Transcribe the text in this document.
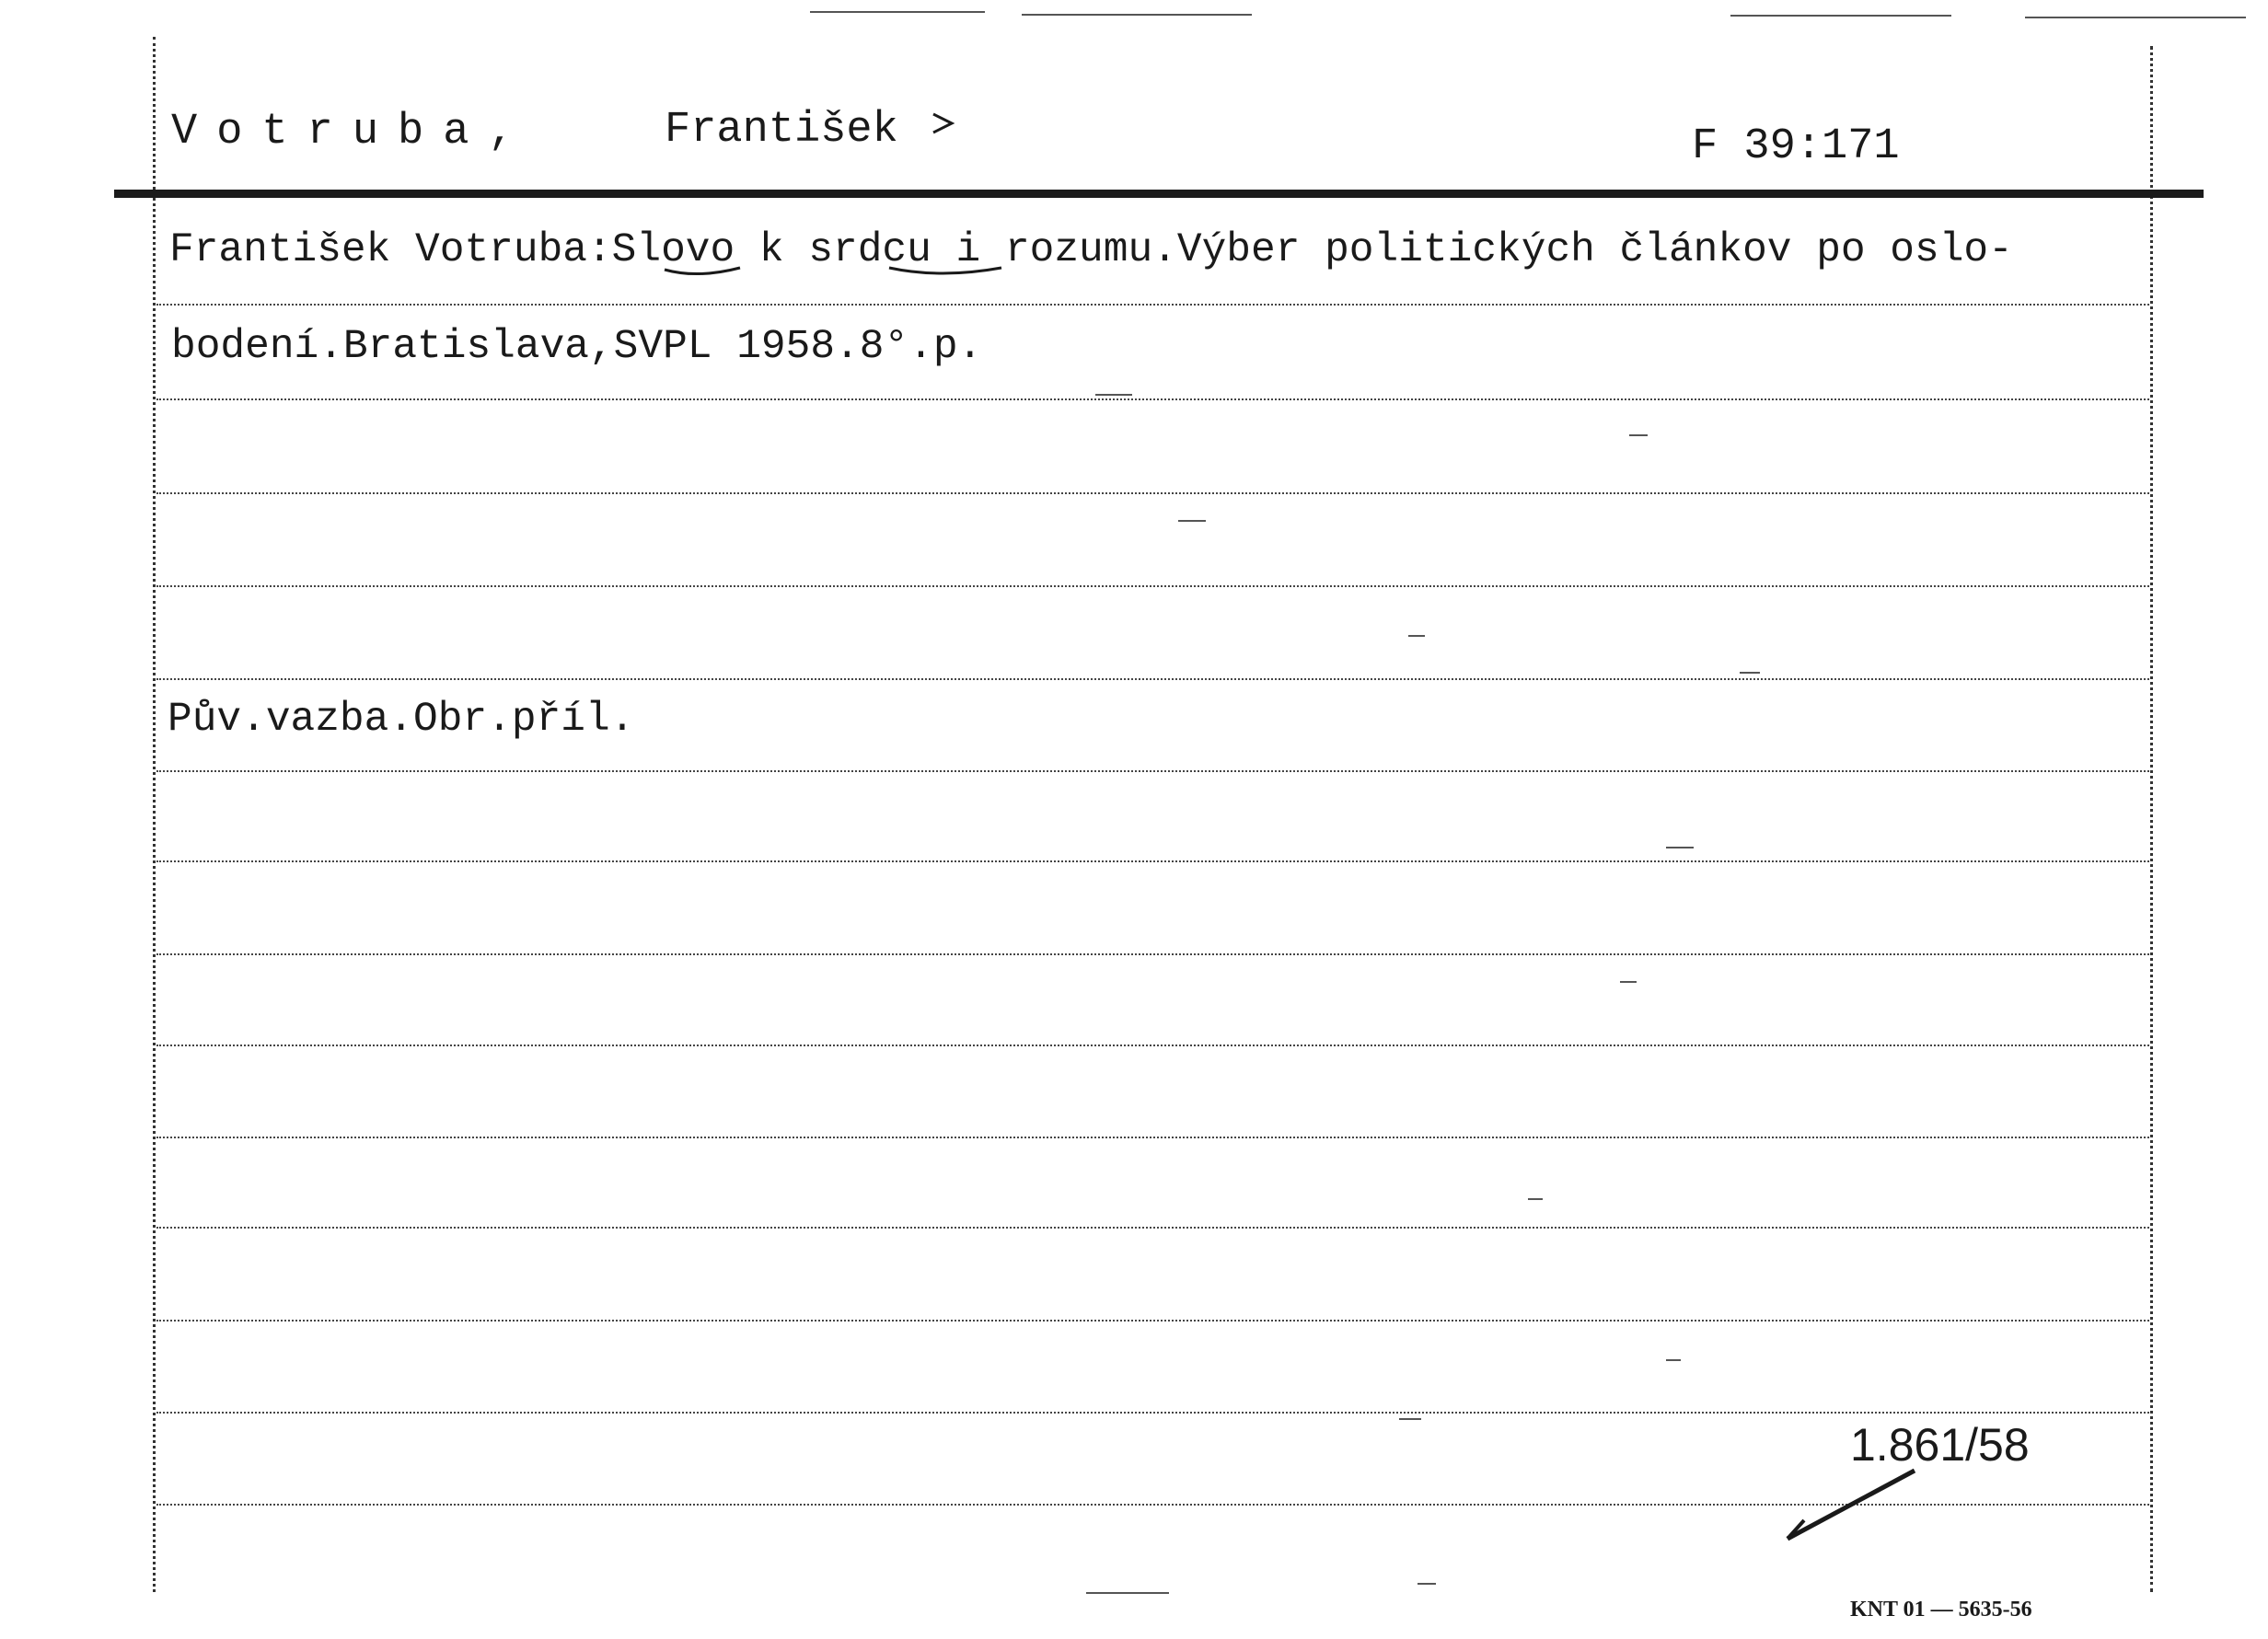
Votruba,	František	F 39:171
František Votruba:Slovo k srdcu i rozumu.Výber politických článkov po oslo-
bodení.Bratislava,SVPL 1958.8°.p.
Pův.vazba.Obr.příl.
1.861/58
KNT 01 — 5635-56
